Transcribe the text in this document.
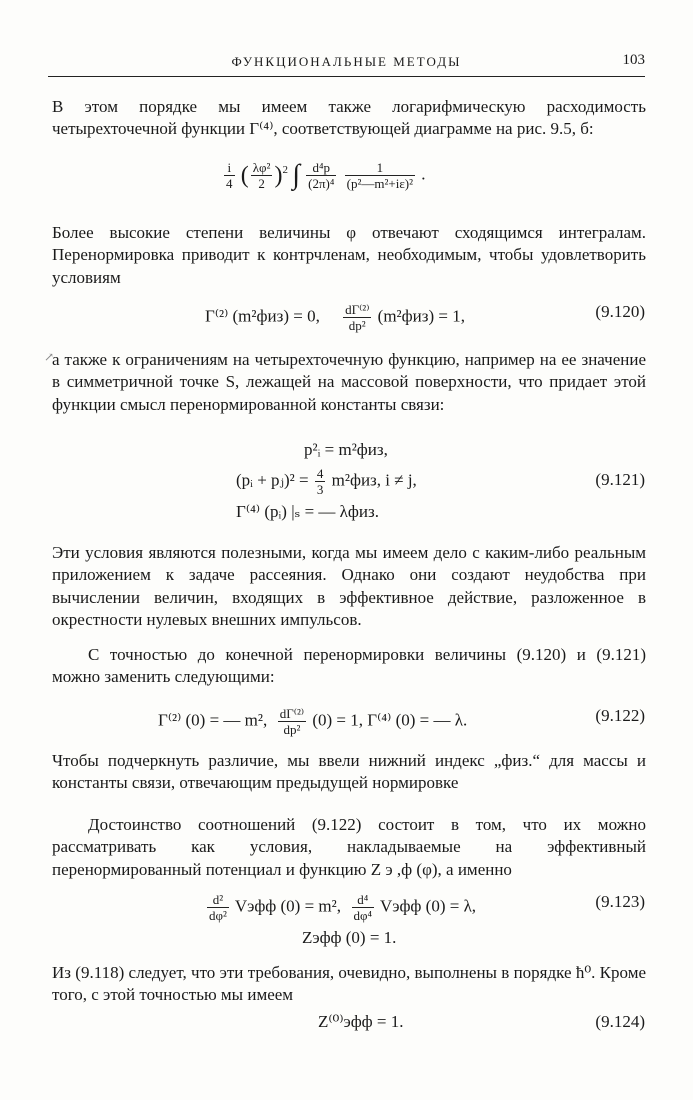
ФУНКЦИОНАЛЬНЫЕ МЕТОДЫ	103

В этом порядке мы имеем также логарифмическую расходимость четырехточечной функции Γ⁽⁴⁾, соответствующей диаграмме на рис. 9.5, б:

$\frac{i}{4}$ ( $\frac{\text{λφ²}}{2} )^2$ ∫ $\frac{\text{d⁴p}}{\text{(2π)⁴}}$
$\frac{1}{\text{(p²—m²+iε)²}}$ .

Более высокие степени величины φ отвечают сходящимся интегралам. Перенормировка приводит к контрчленам, необходимым, чтобы удовлетворить условиям

Γ⁽²⁾ (m²физ) = 0, $\frac{\text{dΓ⁽²⁾}}{\text{dp²}} (m^2физ) = 1$,	(9.120)
↗

а также к ограничениям на четырехточечную функцию, например на ее значение в симметричной точке S, лежащей на массовой поверхности, что придает этой функции смысл перенормированной константы связи:

p²ᵢ = m²физ,
(pᵢ + pⱼ)² = $\frac{4}{3} m^2физ$, i ≠ j,
Γ⁽⁴⁾ (pᵢ) |ₛ = — λфиз.
(9.121)

Эти условия являются полезными, когда мы имеем дело с каким-либо реальным приложением к задаче рассеяния. Однако они создают неудобства при вычислении величин, входящих в эффективное действие, разложенное в окрестности нулевых внешних импульсов.

С точностью до конечной перенормировки величины (9.120) и (9.121) можно заменить следующими:

Γ⁽²⁾ (0) = — m², $\frac{\text{dΓ⁽²⁾}}{\text{dp²}} (0) = 1$, Γ⁽⁴⁾ (0) = — λ.	(9.122)

Чтобы подчеркнуть различие, мы ввели нижний индекс „физ.“ для массы и константы связи, отвечающим предыдущей нормировке

Достоинство соотношений (9.122) состоит в том, что их можно рассматривать как условия, накладываемые на эффективный перенормированный потенциал и функцию Z э ,ф (φ), а именно

$\frac{\text{d²}}{\text{dφ²}}$ Vэфф (0) = m², $\frac{\text{d⁴}}{\text{dφ⁴}}$ Vэфф (0) = λ,	(9.123)
Zэфф (0) = 1.

Из (9.118) следует, что эти требования, очевидно, выполнены в порядке ħ⁰. Кроме того, с этой точностью мы имеем

Z⁽⁰⁾эфф = 1.	(9.124)
